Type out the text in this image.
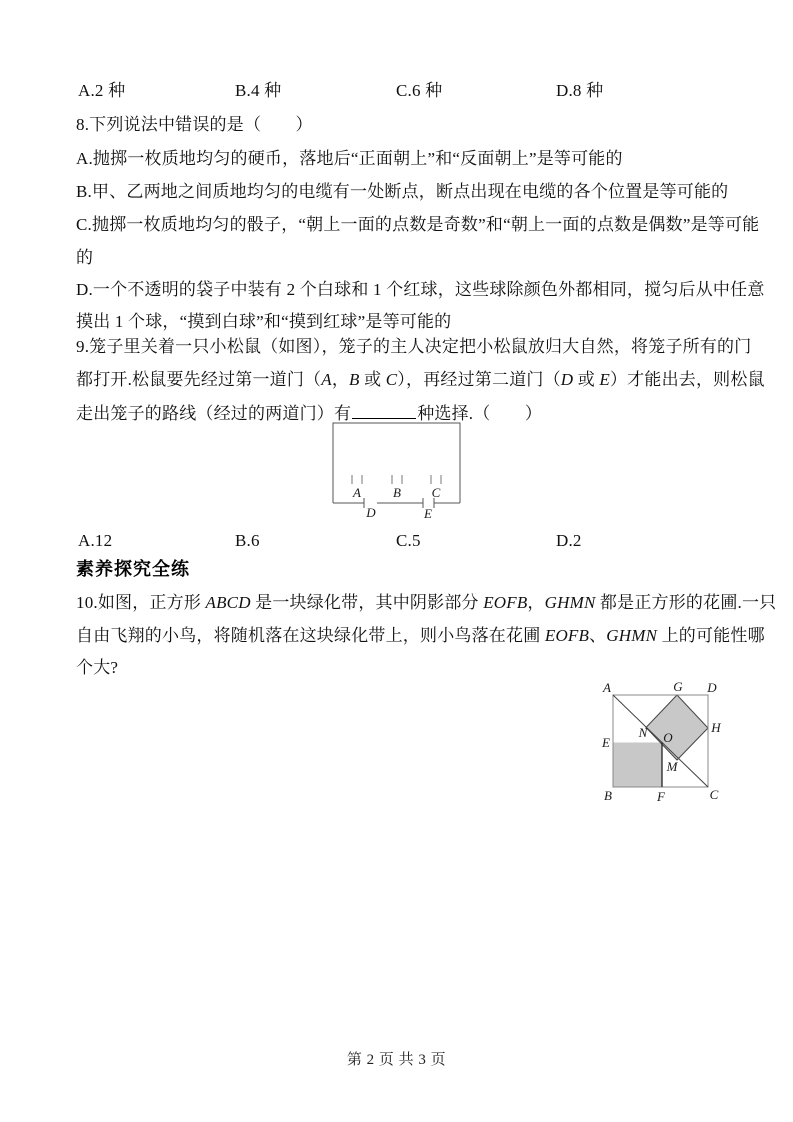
A.2 种

	B.4 种

	C.6 种

	D.8 种

8.下列说法中错误的是（　　）
A.抛掷一枚质地均匀的硬币，落地后“正面朝上”和“反面朝上”是等可能的
B.甲、乙两地之间质地均匀的电缆有一处断点，断点出现在电缆的各个位置是等可能的
C.抛掷一枚质地均匀的骰子，“朝上一面的点数是奇数”和“朝上一面的点数是偶数”是等可能
的
D.一个不透明的袋子中装有 2 个白球和 1 个红球，这些球除颜色外都相同，搅匀后从中任意
摸出 1 个球，“摸到白球”和“摸到红球”是等可能的
9.笼子里关着一只小松鼠（如图），笼子的主人决定把小松鼠放归大自然，将笼子所有的门
都打开.松鼠要先经过第一道门（A，B 或 C），再经过第二道门（D 或 E）才能出去，则松鼠
走出笼子的路线（经过的两道门）有	种选择.（　　）
A B C
D	E

A.12

	B.6

	C.5

	D.2

素养探究全练
10.如图，正方形 ABCD 是一块绿化带，其中阴影部分 EOFB，GHMN 都是正方形的花圃.一只
自由飞翔的小鸟，将随机落在这块绿化带上，则小鸟落在花圃 EOFB、GHMN 上的可能性哪
个大?
A	G D
H
E
N O
M
B	F	C
第 2 页 共 3 页
